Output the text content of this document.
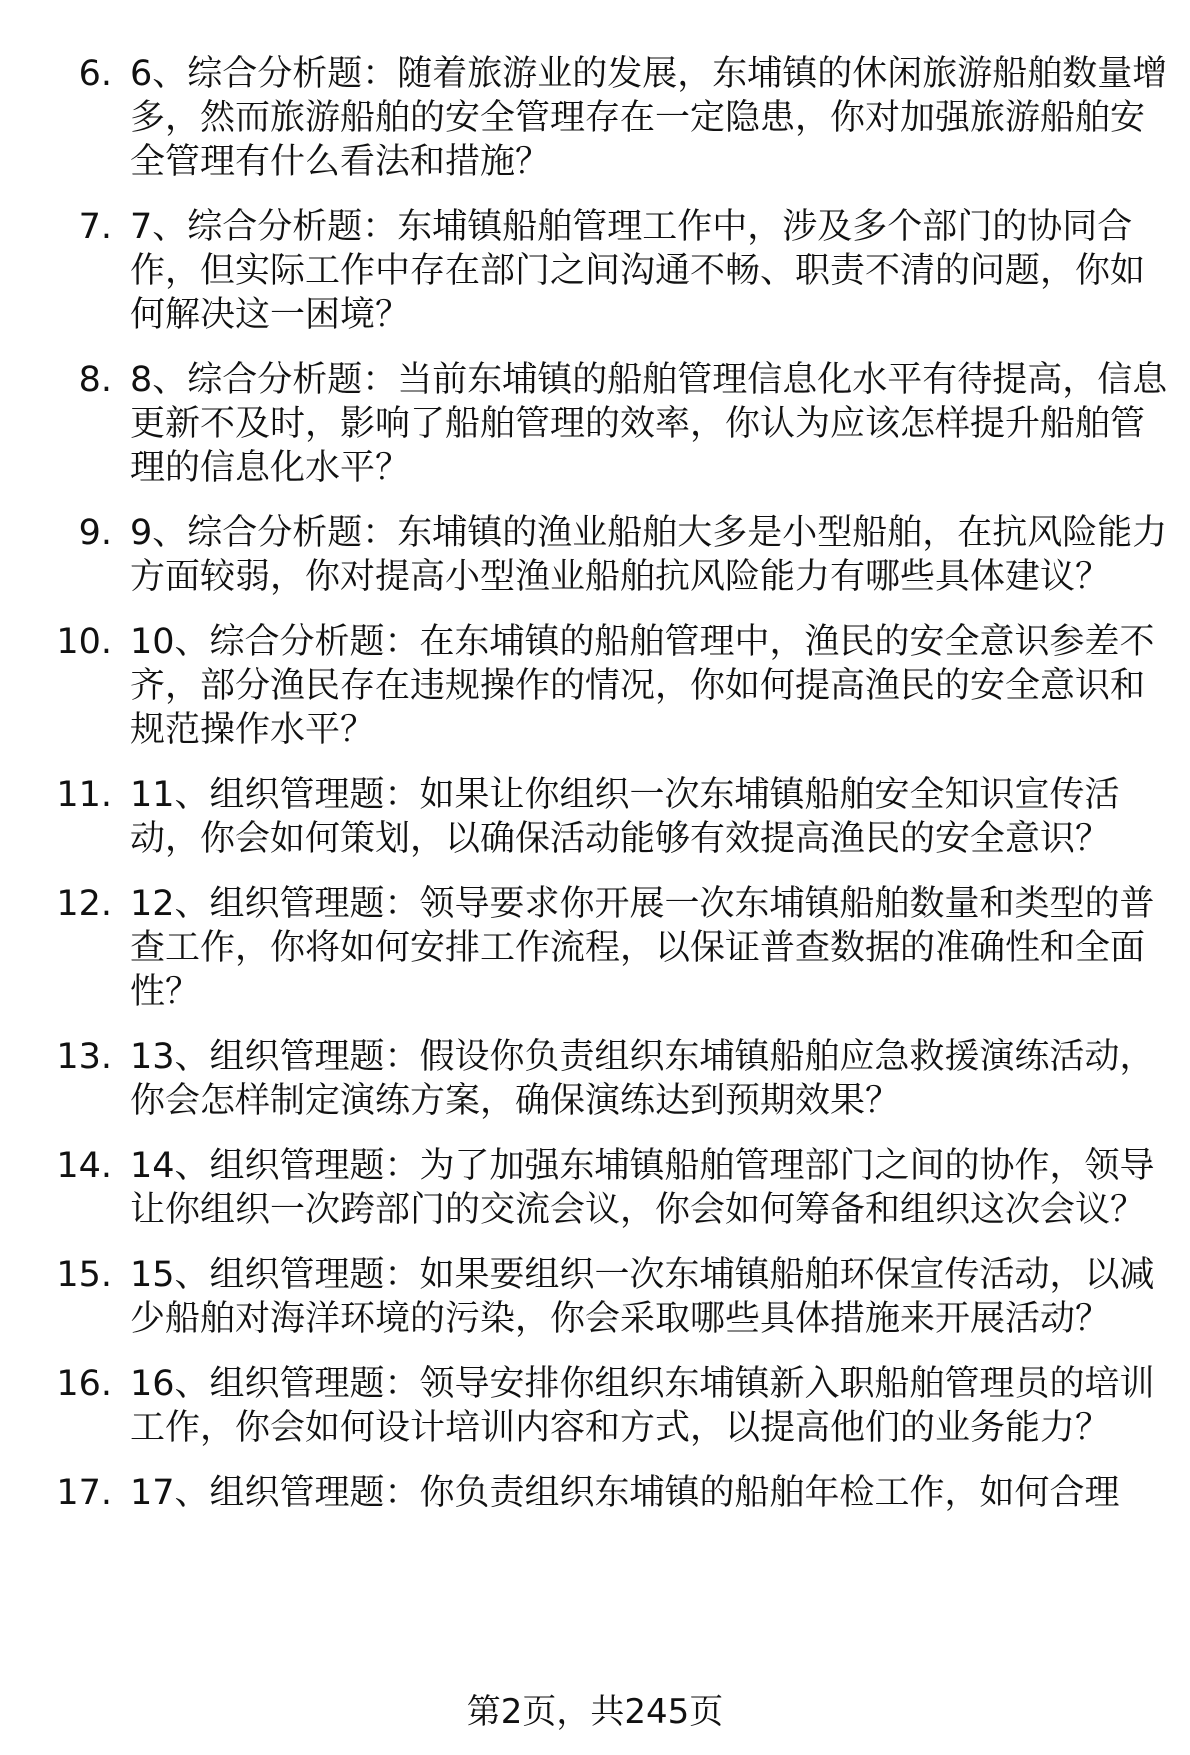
6. 6、综合分析题：随着旅游业的发展，东埔镇的休闲旅游船舶数量增多，然而旅游船舶的安全管理存在一定隐患，你对加强旅游船舶安全管理有什么看法和措施？
7. 7、综合分析题：东埔镇船舶管理工作中，涉及多个部门的协同合作，但实际工作中存在部门之间沟通不畅、职责不清的问题，你如何解决这一困境？
8. 8、综合分析题：当前东埔镇的船舶管理信息化水平有待提高，信息更新不及时，影响了船舶管理的效率，你认为应该怎样提升船舶管理的信息化水平？
9. 9、综合分析题：东埔镇的渔业船舶大多是小型船舶，在抗风险能力方面较弱，你对提高小型渔业船舶抗风险能力有哪些具体建议？
10. 10、综合分析题：在东埔镇的船舶管理中，渔民的安全意识参差不齐，部分渔民存在违规操作的情况，你如何提高渔民的安全意识和规范操作水平？
11. 11、组织管理题：如果让你组织一次东埔镇船舶安全知识宣传活动，你会如何策划，以确保活动能够有效提高渔民的安全意识？
12. 12、组织管理题：领导要求你开展一次东埔镇船舶数量和类型的普查工作，你将如何安排工作流程，以保证普查数据的准确性和全面性？
13. 13、组织管理题：假设你负责组织东埔镇船舶应急救援演练活动，你会怎样制定演练方案，确保演练达到预期效果？
14. 14、组织管理题：为了加强东埔镇船舶管理部门之间的协作，领导让你组织一次跨部门的交流会议，你会如何筹备和组织这次会议？
15. 15、组织管理题：如果要组织一次东埔镇船舶环保宣传活动，以减少船舶对海洋环境的污染，你会采取哪些具体措施来开展活动？
16. 16、组织管理题：领导安排你组织东埔镇新入职船舶管理员的培训工作，你会如何设计培训内容和方式，以提高他们的业务能力？
17. 17、组织管理题：你负责组织东埔镇的船舶年检工作，如何合理
第2页，共245页
